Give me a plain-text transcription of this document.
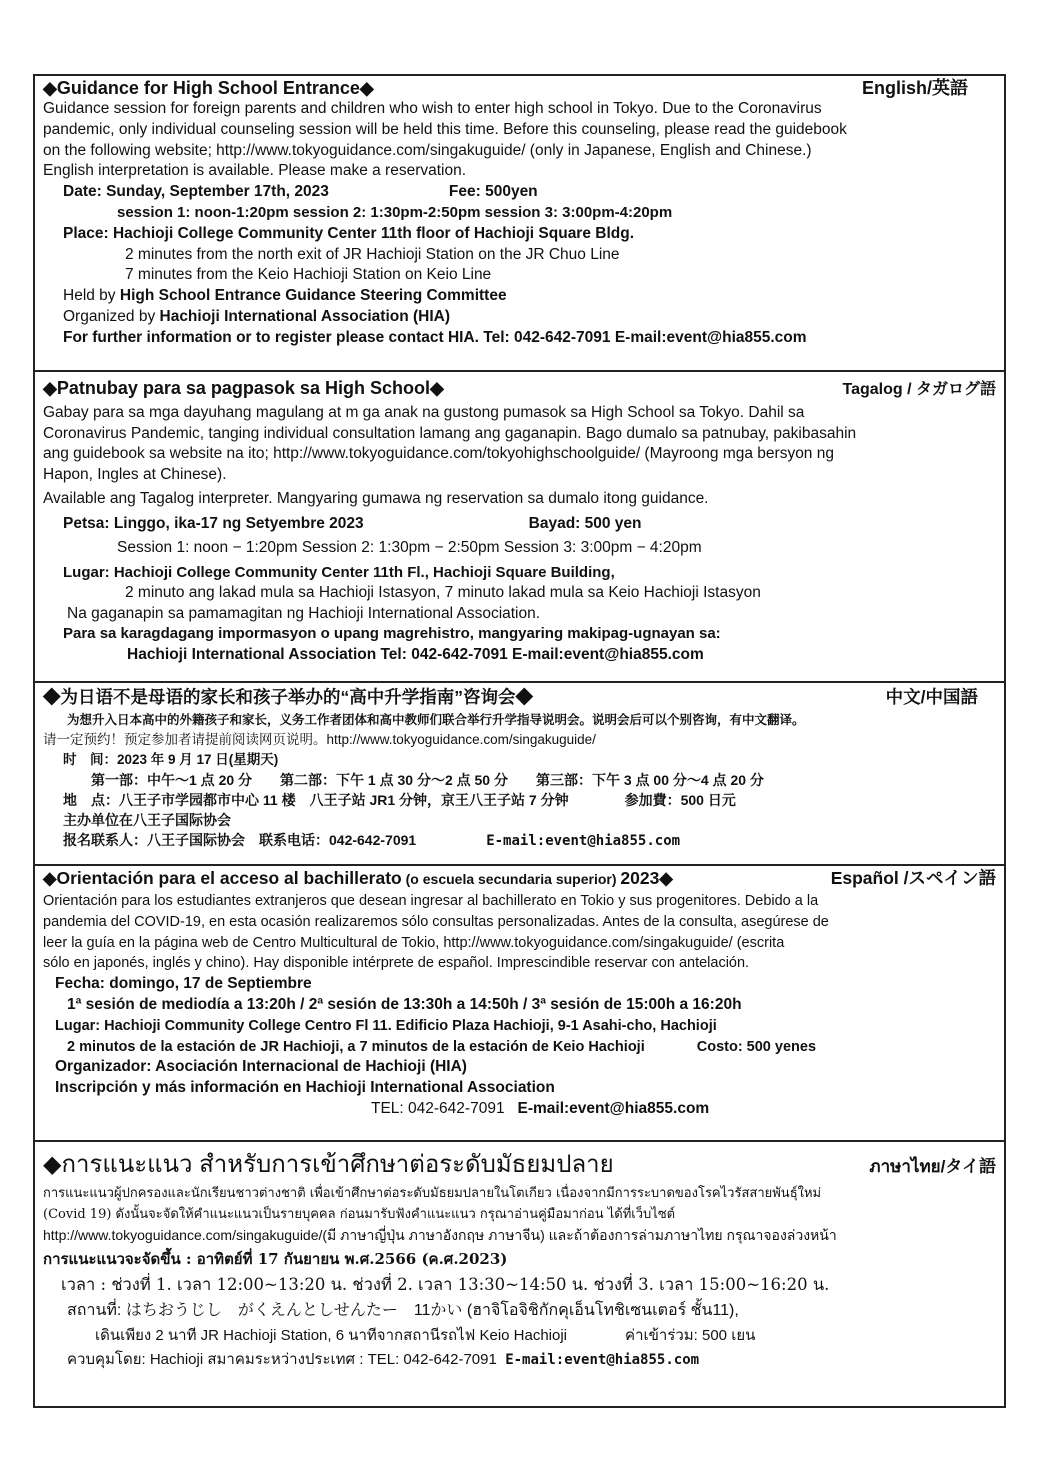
◆Guidance for High School Entrance◆	English/英語
Guidance session for foreign parents and children who wish to enter high school in Tokyo. Due to the Coronavirus
pandemic, only individual counseling session will be held this time. Before this counseling, please read the guidebook
on the following website; http://www.tokyoguidance.com/singakuguide/ (only in Japanese, English and Chinese.)
English interpretation is available. Please make a reservation.
Date: Sunday, September 17th, 2023	Fee: 500yen
session 1: noon-1:20pm session 2: 1:30pm-2:50pm session 3: 3:00pm-4:20pm
Place: Hachioji College Community Center 11th floor of Hachioji Square Bldg.
2 minutes from the north exit of JR Hachioji Station on the JR Chuo Line
7 minutes from the Keio Hachioji Station on Keio Line
Held by High School Entrance Guidance Steering Committee
Organized by Hachioji International Association (HIA)
For further information or to register please contact HIA. Tel: 042-642-7091 E-mail:event@hia855.com
◆Patnubay para sa pagpasok sa High School◆	Tagalog / タガログ語
Gabay para sa mga dayuhang magulang at m ga anak na gustong pumasok sa High School sa Tokyo. Dahil sa
Coronavirus Pandemic, tanging individual consultation lamang ang gaganapin. Bago dumalo sa patnubay, pakibasahin
ang guidebook sa website na ito; http://www.tokyoguidance.com/tokyohighschoolguide/ (Mayroong mga bersyon ng
Hapon, Ingles at Chinese).
Available ang Tagalog interpreter. Mangyaring gumawa ng reservation sa dumalo itong guidance.
Petsa: Linggo, ika-17 ng Setyembre 2023	Bayad: 500 yen
Session 1: noon − 1:20pm Session 2: 1:30pm − 2:50pm Session 3: 3:00pm − 4:20pm
Lugar: Hachioji College Community Center 11th Fl., Hachioji Square Building,
2 minuto ang lakad mula sa Hachioji Istasyon, 7 minuto lakad mula sa Keio Hachioji Istasyon
Na gaganapin sa pamamagitan ng Hachioji International Association.
Para sa karagdagang impormasyon o upang magrehistro, mangyaring makipag-ugnayan sa:
Hachioji International Association Tel: 042-642-7091 E-mail:event@hia855.com
◆为日语不是母语的家长和孩子举办的“高中升学指南”咨询会◆	中文/中国語
为想升入日本高中的外籍孩子和家长，义务工作者团体和高中教师们联合举行升学指导说明会。说明会后可以个别咨询，有中文翻译。
请一定预约！预定参加者请提前阅读网页说明。http://www.tokyoguidance.com/singakuguide/
时　间：2023 年 9 月 17 日(星期天)
第一部：中午～1 点 20 分　　第二部：下午 1 点 30 分～2 点 50 分　　第三部：下午 3 点 00 分～4 点 20 分
地　点：八王子市学园都市中心 11 楼　八王子站 JR1 分钟，京王八王子站 7 分钟	参加費：500 日元
主办单位在八王子国际协会
报名联系人：八王子国际协会　联系电话：042-642-7091	E-mail:event@hia855.com
◆Orientación para el acceso al bachillerato (o escuela secundaria superior) 2023◆	Español /スペイン語
Orientación para los estudiantes extranjeros que desean ingresar al bachillerato en Tokio y sus progenitores. Debido a la
pandemia del COVID-19, en esta ocasión realizaremos sólo consultas personalizadas. Antes de la consulta, asegúrese de
leer la guía en la página web de Centro Multicultural de Tokio, http://www.tokyoguidance.com/singakuguide/ (escrita
sólo en japonés, inglés y chino). Hay disponible intérprete de español. Imprescindible reservar con antelación.
Fecha: domingo, 17 de Septiembre
1ª sesión de mediodía a 13:20h / 2ª sesión de 13:30h a 14:50h / 3ª sesión de 15:00h a 16:20h
Lugar: Hachioji Community College Centro Fl 11. Edificio Plaza Hachioji, 9-1 Asahi-cho, Hachioji
2 minutos de la estación de JR Hachioji, a 7 minutos de la estación de Keio Hachioji	Costo: 500 yenes
Organizador: Asociación Internacional de Hachioji (HIA)
Inscripción y más información en Hachioji International Association
TEL: 042-642-7091 E-mail:event@hia855.com
◆การแนะแนว สำหรับการเข้าศึกษาต่อระดับมัธยมปลาย	ภาษาไทย/タイ語
การแนะแนวผู้ปกครองและนักเรียนชาวต่างชาติ เพื่อเข้าศึกษาต่อระดับมัธยมปลายในโตเกียว เนื่องจากมีการระบาดของโรคไวรัสสายพันธุ์ใหม่
(Covid 19) ดังนั้นจะจัดให้คำแนะแนวเป็นรายบุคคล ก่อนมารับฟังคำแนะแนว กรุณาอ่านคู่มือมาก่อน ได้ที่เว็บไซต์
http://www.tokyoguidance.com/singakuguide/(มี ภาษาญี่ปุ่น ภาษาอังกฤษ ภาษาจีน) และถ้าต้องการล่ามภาษาไทย กรุณาจองล่วงหน้า
การแนะแนวจะจัดขึ้น : อาทิตย์ที่ 17 กันยายน พ.ศ.2566 (ค.ศ.2023)
เวลา : ช่วงที่ 1. เวลา 12:00~13:20 น. ช่วงที่ 2. เวลา 13:30~14:50 น. ช่วงที่ 3. เวลา 15:00~16:20 น.
สถานที่: はちおうじし　がくえんとしせんたー　11かい (ฮาจิโอจิชิกักคุเอ็นโทชิเซนเตอร์ ชั้น11),
เดินเพียง 2 นาที JR Hachioji Station, 6 นาทีจากสถานีรถไฟ Keio Hachioji	ค่าเข้าร่วม: 500 เยน
ควบคุมโดย: Hachioji สมาคมระหว่างประเทศ : TEL: 042-642-7091 E-mail:event@hia855.com
